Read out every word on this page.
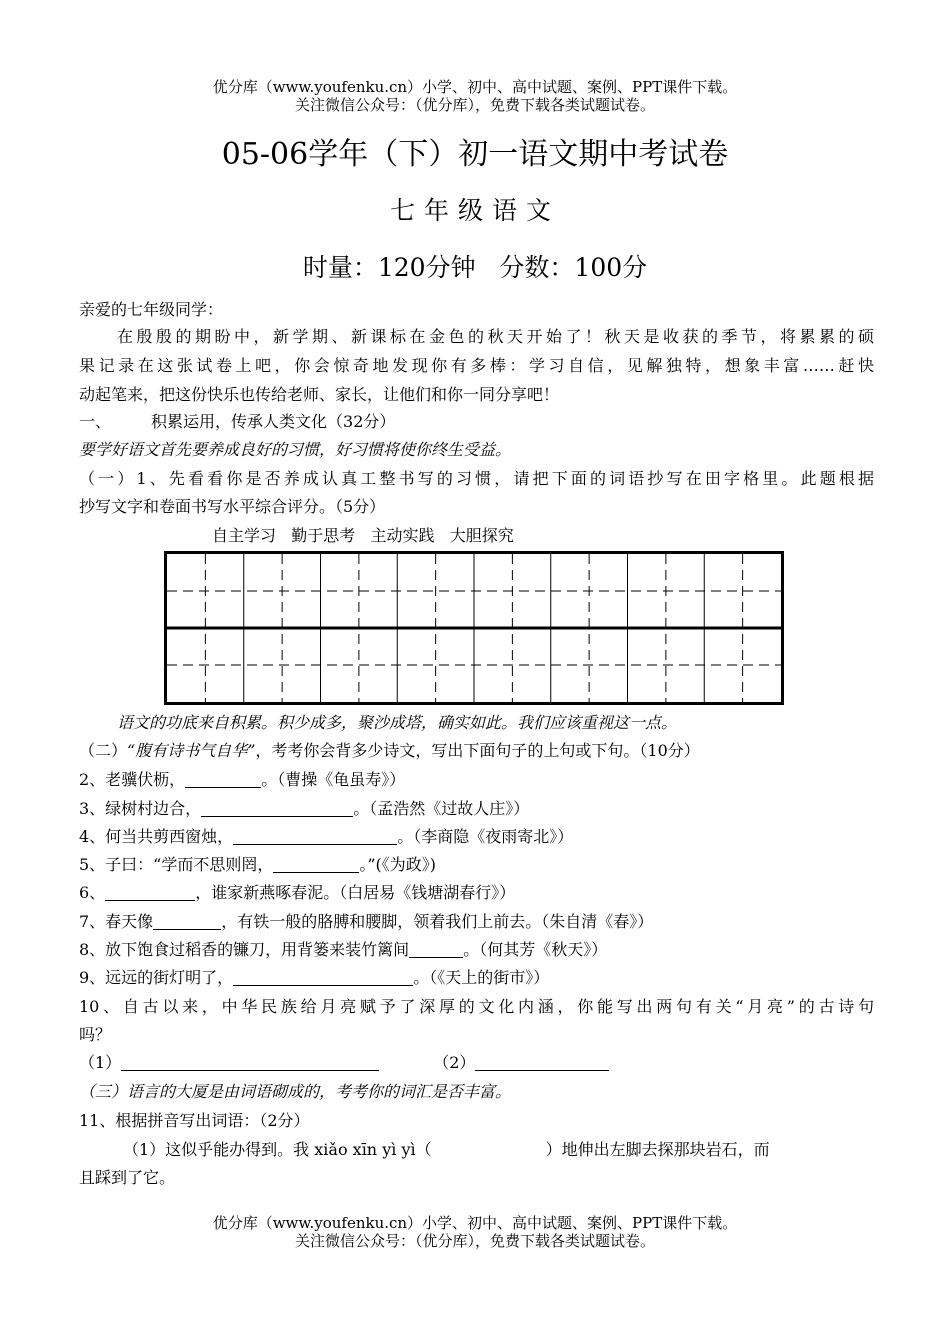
优分库（www.youfenku.cn）小学、初中、高中试题、案例、PPT课件下载。
关注微信公众号：（优分库），免费下载各类试题试卷。
05-06学年（下）初一语文期中考试卷
七年级语文
时量：120分钟   分数：100分
亲爱的七年级同学：
在殷殷的期盼中，新学期、新课标在金色的秋天开始了！秋天是收获的季节，将累累的硕
果记录在这张试卷上吧，你会惊奇地发现你有多棒：学习自信，见解独特，想象丰富……赶快
动起笔来，把这份快乐也传给老师、家长，让他们和你一同分享吧！
一、	积累运用，传承人类文化（32分）
要学好语文首先要养成良好的习惯，好习惯将使你终生受益。
（一）1、先看看你是否养成认真工整书写的习惯，请把下面的词语抄写在田字格里。此题根据
抄写文字和卷面书写水平综合评分。（5分）
自主学习   勤于思考   主动实践   大胆探究
语文的功底来自积累。积少成多，聚沙成塔，确实如此。我们应该重视这一点。
（二）“腹有诗书气自华”，考考你会背多少诗文，写出下面句子的上句或下句。（10分）
2、老骥伏枥，	。（曹操《龟虽寿》）
3、绿树村边合，	。（孟浩然《过故人庄》）
4、何当共剪西窗烛，	。（李商隐《夜雨寄北》）
5、子曰：“学而不思则罔，	。”(《为政》)
6、	，谁家新燕啄春泥。（白居易《钱塘湖春行》）
7、春天像	，有铁一般的胳膊和腰脚，领着我们上前去。（朱自清《春》）
8、放下饱食过稻香的镰刀，用背篓来装竹篱间	。（何其芳《秋天》）
9、远远的街灯明了，	。（《天上的街市》）
10、自古以来，中华民族给月亮赋予了深厚的文化内涵，你能写出两句有关“月亮”的古诗句
吗？
（1）	（2）
（三）语言的大厦是由词语砌成的，考考你的词汇是否丰富。
11、根据拼音写出词语：（2分）
（1）这似乎能办得到。我 xiǎo xīn yì yì（	）地伸出左脚去探那块岩石，而
且踩到了它。
优分库（www.youfenku.cn）小学、初中、高中试题、案例、PPT课件下载。
关注微信公众号：（优分库），免费下载各类试题试卷。
